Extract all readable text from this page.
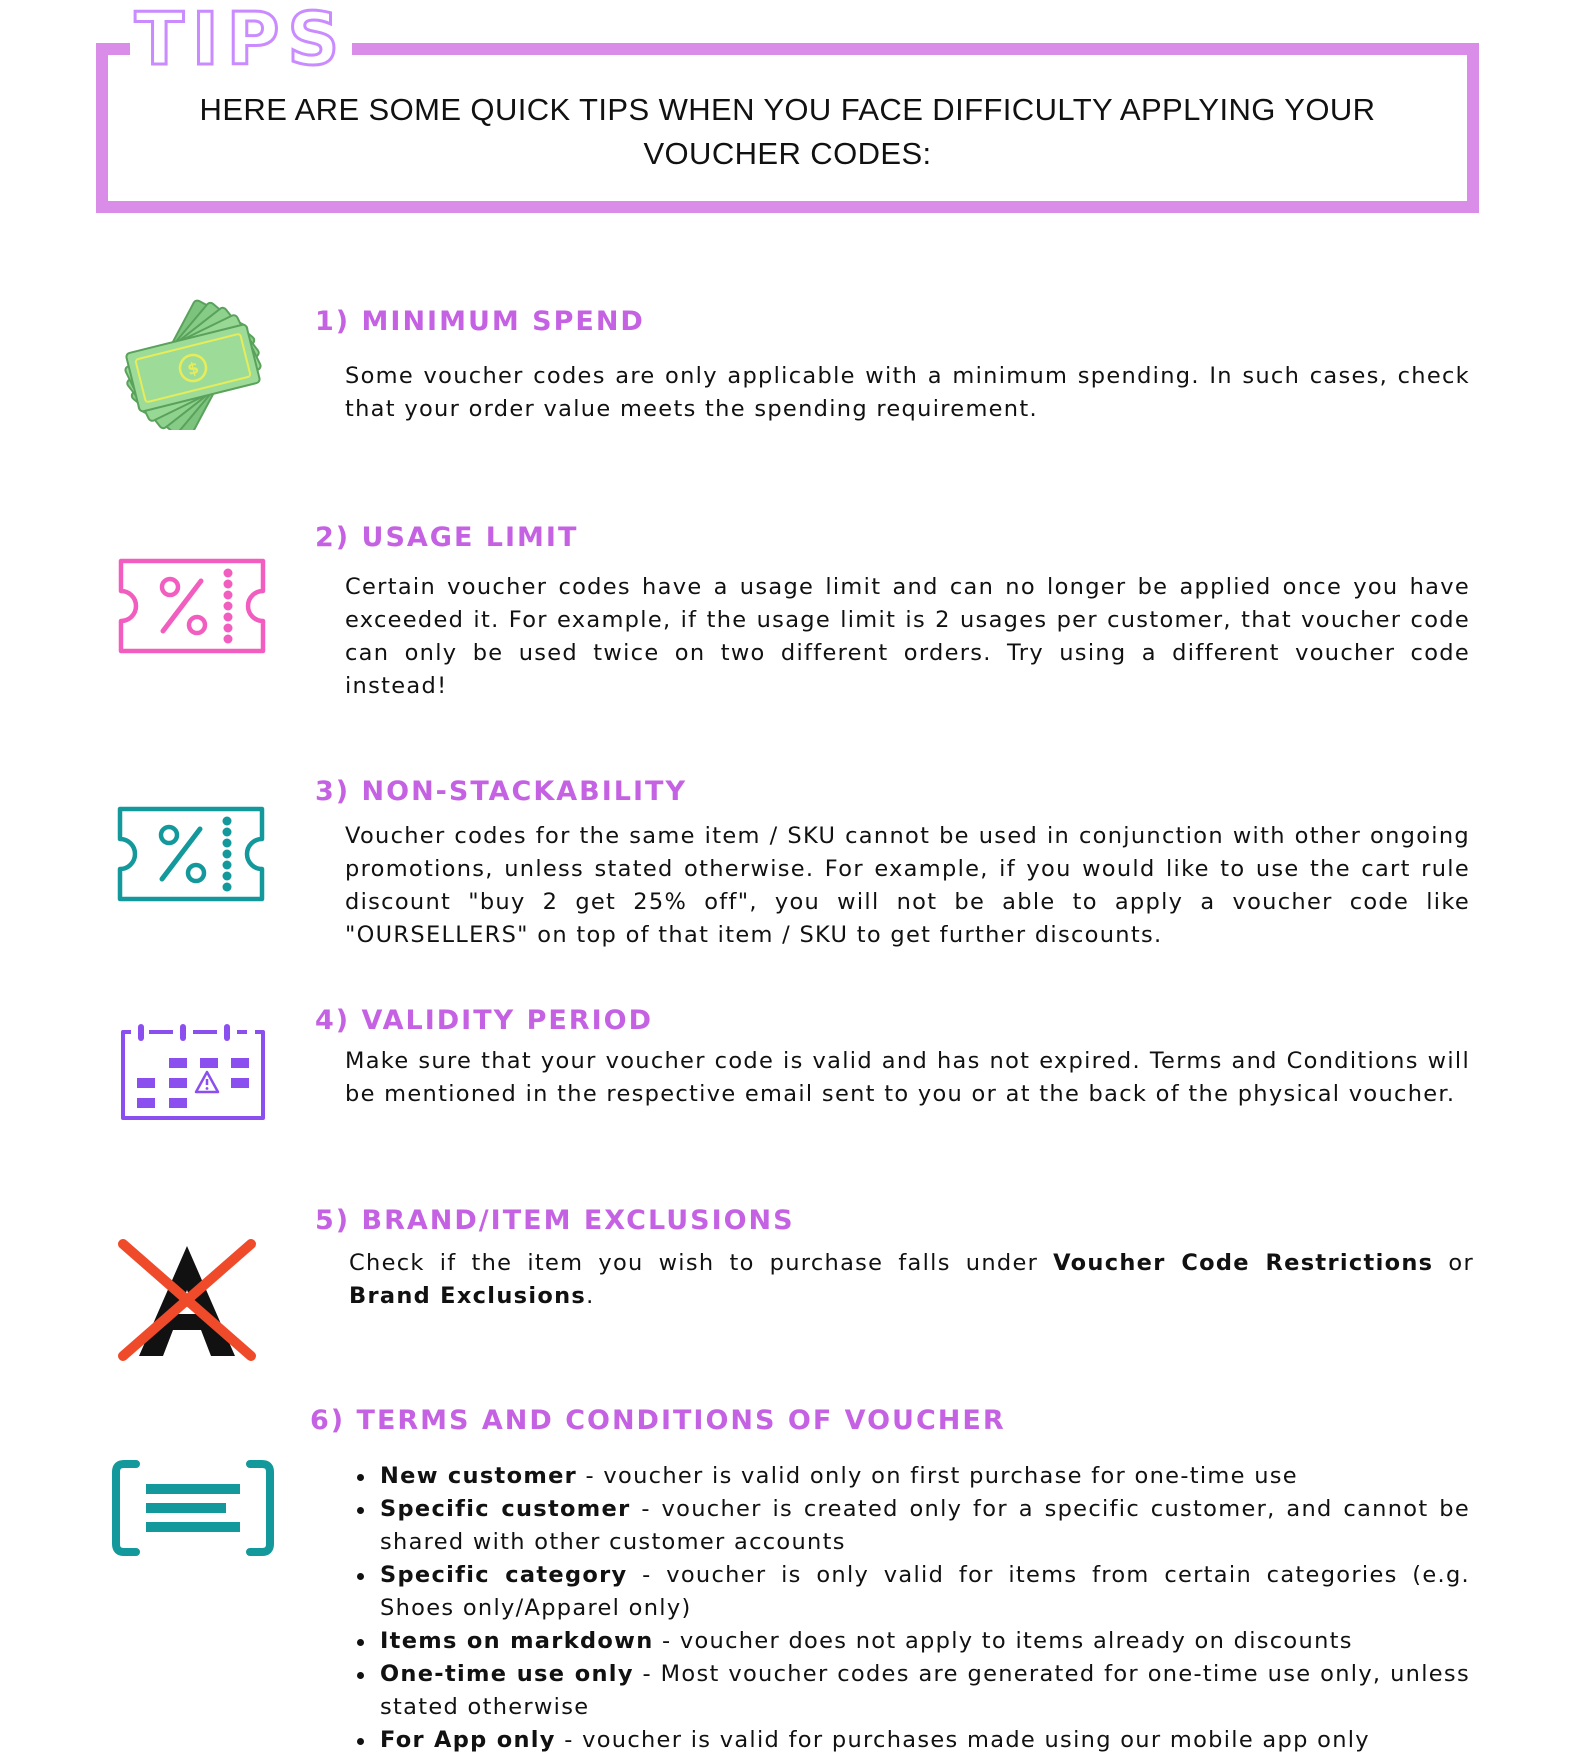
TIPS
HERE ARE SOME QUICK TIPS WHEN YOU FACE DIFFICULTY APPLYING YOUR
VOUCHER CODES:
$
1) MINIMUM SPEND
Some voucher codes are only applicable with a minimum spending. In such cases, check that your order value meets the spending requirement.
2) USAGE LIMIT
Certain voucher codes have a usage limit and can no longer be applied once you have exceeded it. For example, if the usage limit is 2 usages per customer, that voucher code can only be used twice on two different orders. Try using a different voucher code instead!
3) NON-STACKABILITY
Voucher codes for the same item / SKU cannot be used in conjunction with other ongoing promotions, unless stated otherwise. For example, if you would like to use the cart rule discount "buy 2 get 25% off", you will not be able to apply a voucher code like "OURSELLERS" on top of that item / SKU to get further discounts.
4) VALIDITY PERIOD
Make sure that your voucher code is valid and has not expired. Terms and Conditions will be mentioned in the respective email sent to you or at the back of the physical voucher.
5) BRAND/ITEM EXCLUSIONS
Check if the item you wish to purchase falls under Voucher Code Restrictions or Brand Exclusions.
6) TERMS AND CONDITIONS OF VOUCHER
New customer - voucher is valid only on first purchase for one-time use
Specific customer - voucher is created only for a specific customer, and cannot be shared with other customer accounts
Specific category - voucher is only valid for items from certain categories (e.g. Shoes only/Apparel only)
Items on markdown - voucher does not apply to items already on discounts
One-time use only - Most voucher codes are generated for one-time use only, unless stated otherwise
For App only - voucher is valid for purchases made using our mobile app only
